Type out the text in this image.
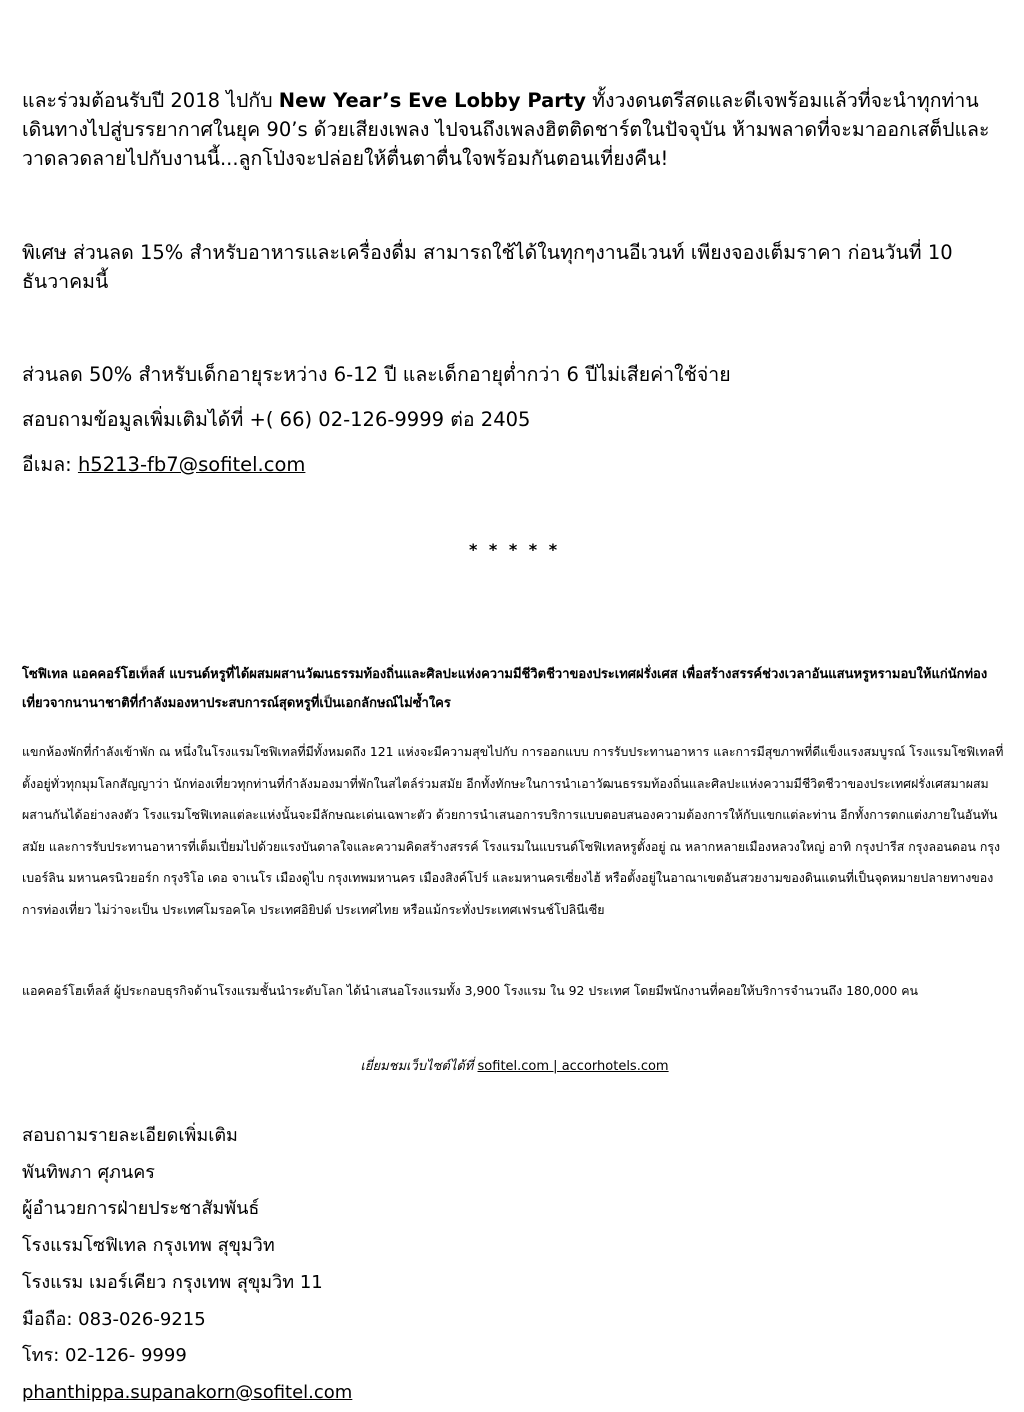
และร่วมต้อนรับปี 2018 ไปกับ New Year’s Eve Lobby Party ทั้งวงดนตรีสดและดีเจพร้อมแล้วที่จะนำทุกท่านเดินทางไปสู่บรรยากาศในยุค 90’s ด้วยเสียงเพลง ไปจนถึงเพลงฮิตติดชาร์ตในปัจจุบัน ห้ามพลาดที่จะมาออกเสต็ปและวาดลวดลายไปกับงานนี้...ลูกโป่งจะปล่อยให้ตื่นตาตื่นใจพร้อมกันตอนเที่ยงคืน!

พิเศษ ส่วนลด 15% สำหรับอาหารและเครื่องดื่ม สามารถใช้ได้ในทุกๆงานอีเวนท์ เพียงจองเต็มราคา ก่อนวันที่ 10 ธันวาคมนี้

ส่วนลด 50% สำหรับเด็กอายุระหว่าง 6-12 ปี และเด็กอายุต่ำกว่า 6 ปีไม่เสียค่าใช้จ่าย
สอบถามข้อมูลเพิ่มเติมได้ที่ +( 66) 02-126-9999 ต่อ 2405
อีเมล: h5213-fb7@sofitel.com
* * * * *

โซฟิเทล แอคคอร์โฮเท็ลส์ แบรนด์หรูที่ได้ผสมผสานวัฒนธรรมท้องถิ่นและศิลปะแห่งความมีชีวิตชีวาของประเทศฝรั่งเศส เพื่อสร้างสรรค์ช่วงเวลาอันแสนหรูหรามอบให้แก่นักท่องเที่ยวจากนานาชาติที่กำลังมองหาประสบการณ์สุดหรูที่เป็นเอกลักษณ์ไม่ซ้ำใคร

แขกห้องพักที่กำลังเข้าพัก ณ หนึ่งในโรงแรมโซฟิเทลที่มีทั้งหมดถึง 121 แห่งจะมีความสุขไปกับ การออกแบบ การรับประทานอาหาร และการมีสุขภาพที่ดีแข็งแรงสมบูรณ์ โรงแรมโซฟิเทลที่ตั้งอยู่ทั่วทุกมุมโลกสัญญาว่า นักท่องเที่ยวทุกท่านที่กำลังมองมาที่พักในสไตล์ร่วมสมัย อีกทั้งทักษะในการนำเอาวัฒนธรรมท้องถิ่นและศิลปะแห่งความมีชีวิตชีวาของประเทศฝรั่งเศสมาผสมผสานกันได้อย่างลงตัว โรงแรมโซฟิเทลแต่ละแห่งนั้นจะมีลักษณะเด่นเฉพาะตัว ด้วยการนำเสนอการบริการแบบตอบสนองความต้องการให้กับแขกแต่ละท่าน อีกทั้งการตกแต่งภายในอันทันสมัย และการรับประทานอาหารที่เต็มเปี่ยมไปด้วยแรงบันดาลใจและความคิดสร้างสรรค์ โรงแรมในแบรนด์โซฟิเทลหรูตั้งอยู่ ณ หลากหลายเมืองหลวงใหญ่ อาทิ กรุงปารีส กรุงลอนดอน กรุงเบอร์ลิน มหานครนิวยอร์ก กรุงริโอ เดอ จาเนโร เมืองดูไบ กรุงเทพมหานคร เมืองสิงค์โปร์ และมหานครเซี่ยงไฮ้ หรือตั้งอยู่ในอาณาเขตอันสวยงามของดินแดนที่เป็นจุดหมายปลายทางของการท่องเที่ยว ไม่ว่าจะเป็น ประเทศโมรอคโค ประเทศอิยิปต์ ประเทศไทย หรือแม้กระทั่งประเทศเฟรนช์โปลินีเซีย

แอคคอร์โฮเท็ลส์ ผู้ประกอบธุรกิจด้านโรงแรมชั้นนำระดับโลก ได้นำเสนอโรงแรมทั้ง 3,900 โรงแรม ใน 92 ประเทศ โดยมีพนักงานที่คอยให้บริการจำนวนถึง 180,000 คน

เยี่ยมชมเว็บไซต์ได้ที่ sofitel.com | accorhotels.com
สอบถามรายละเอียดเพิ่มเติม
พันทิพภา ศุภนคร
ผู้อำนวยการฝ่ายประชาสัมพันธ์
โรงแรมโซฟิเทล กรุงเทพ สุขุมวิท
โรงแรม เมอร์เคียว กรุงเทพ สุขุมวิท 11
มือถือ: 083-026-9215
โทร: 02-126- 9999
phanthippa.supanakorn@sofitel.com
